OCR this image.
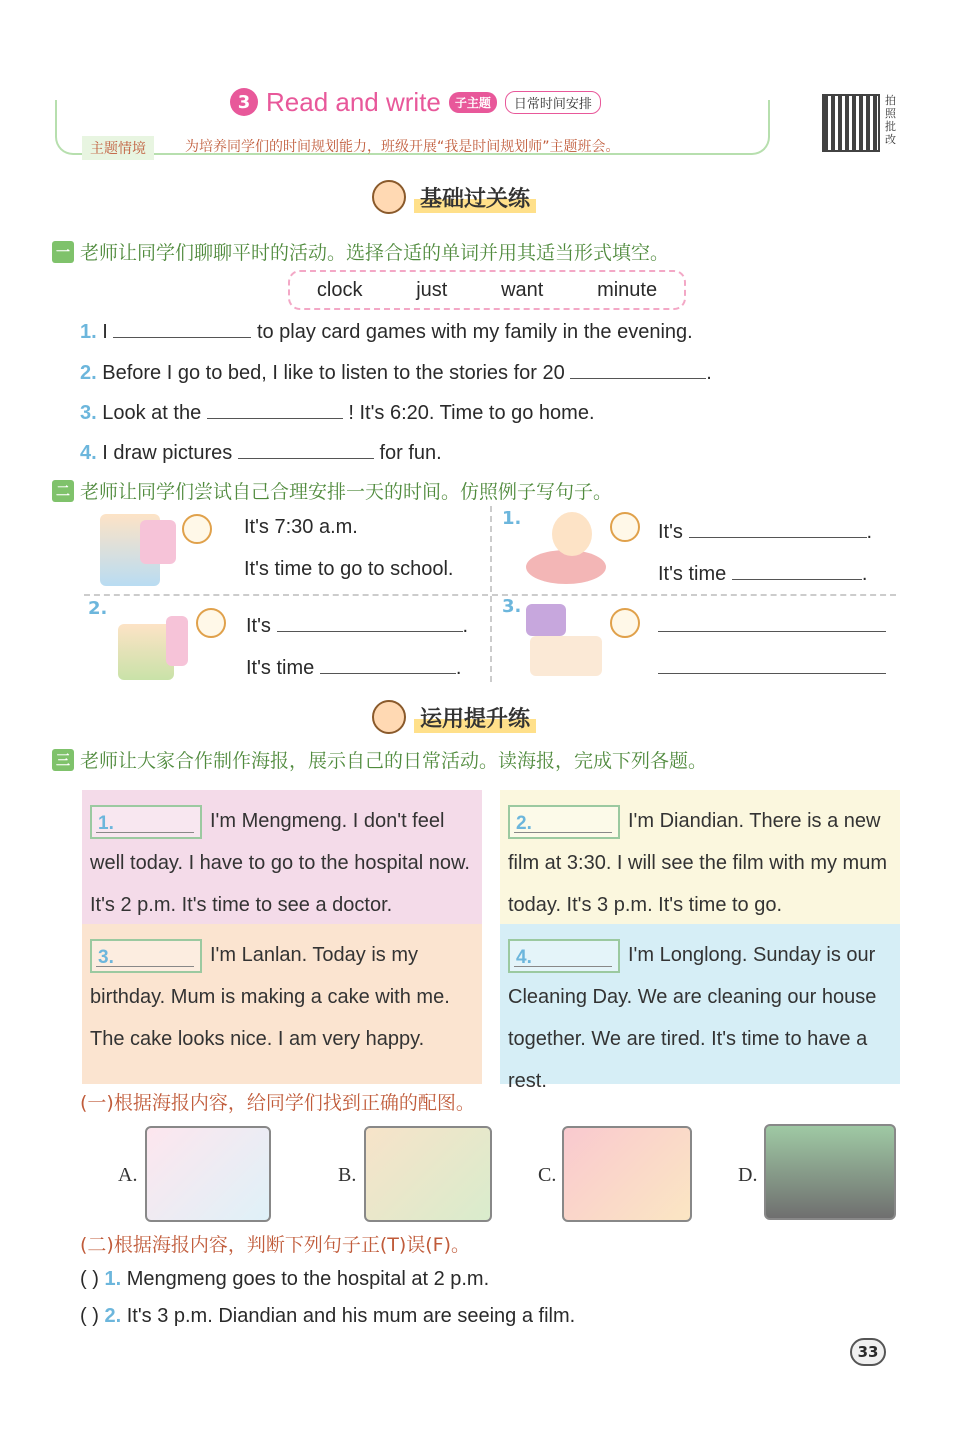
3 Read and write	子主题	日常时间安排
主题情境	为培养同学们的时间规划能力，班级开展“我是时间规划师”主题班会。
拍照批改
基础过关练
一 老师让同学们聊聊平时的活动。选择合适的单词并用其适当形式填空。
clock	just	want	minute
1. I	to play card games with my family in the evening.
2. Before I go to bed, I like to listen to the stories for 20	.
3. Look at the	! It's 6:20. Time to go home.
4. I draw pictures	for fun.
二 老师让同学们尝试自己合理安排一天的时间。仿照例子写句子。
It's 7:30 a.m.
It's time to go to school.
1.
It's	.
It's time	.
2.
It's	.
It's time	.
3.
运用提升练
三 老师让大家合作制作海报，展示自己的日常活动。读海报，完成下列各题。
1.	I'm Mengmeng. I don't feel well today. I have to go to the hospital now. It's 2 p.m. It's time to see a doctor.
2.	I'm Diandian. There is a new film at 3:30. I will see the film with my mum today. It's 3 p.m. It's time to go.
3.	I'm Lanlan. Today is my birthday. Mum is making a cake with me. The cake looks nice. I am very happy.
4.	I'm Longlong. Sunday is our Cleaning Day. We are cleaning our house together. We are tired. It's time to have a rest.
(一)根据海报内容，给同学们找到正确的配图。
A.	B.	C.	D.
(二)根据海报内容，判断下列句子正(T)误(F)。
( ) 1. Mengmeng goes to the hospital at 2 p.m.
( ) 2. It's 3 p.m. Diandian and his mum are seeing a film.
33
